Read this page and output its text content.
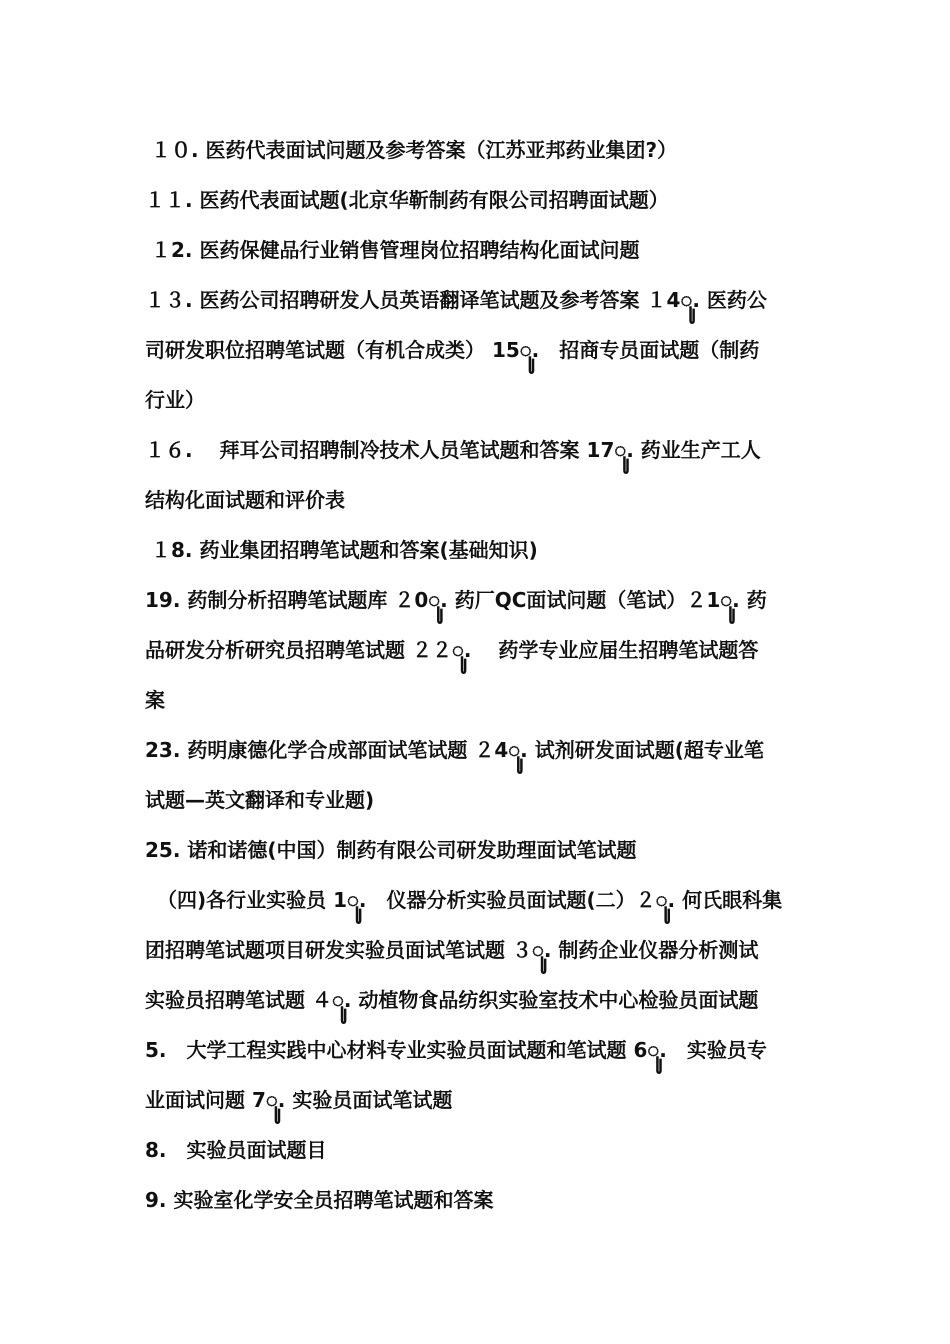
１０. 医药代表面试问题及参考答案（江苏亚邦药业集团?）
１１. 医药代表面试题(北京华靳制药有限公司招聘面试题）
１2. 医药保健品行业销售管理岗位招聘结构化面试问题
１３. 医药公司招聘研发人员英语翻译笔试题及参考答案 １4ꦸ. 医药公
司研发职位招聘笔试题（有机合成类） 15ꦸ.　招商专员面试题（制药
行业）
１６.　 拜耳公司招聘制冷技术人员笔试题和答案 17ꦸ. 药业生产工人
结构化面试题和评价表
１8. 药业集团招聘笔试题和答案(基础知识)
19. 药制分析招聘笔试题库 ２0ꦸ. 药厂QC面试问题（笔试）２1ꦸ. 药
品研发分析研究员招聘笔试题 ２２ꦸ.　 药学专业应届生招聘笔试题答
案
23. 药明康德化学合成部面试笔试题 ２4ꦸ. 试剂研发面试题(超专业笔
试题—英文翻译和专业题)
25. 诺和诺德(中国）制药有限公司研发助理面试笔试题
（四)各行业实验员 1ꦸ.　仪器分析实验员面试题(二）２ꦸ. 何氏眼科集
团招聘笔试题项目研发实验员面试笔试题 ３ꦸ. 制药企业仪器分析测试
实验员招聘笔试题 ４ꦸ. 动植物食品纺织实验室技术中心检验员面试题
5.　大学工程实践中心材料专业实验员面试题和笔试题 6ꦸ.　实验员专
业面试问题 7ꦸ. 实验员面试笔试题
8.　实验员面试题目
9. 实验室化学安全员招聘笔试题和答案
